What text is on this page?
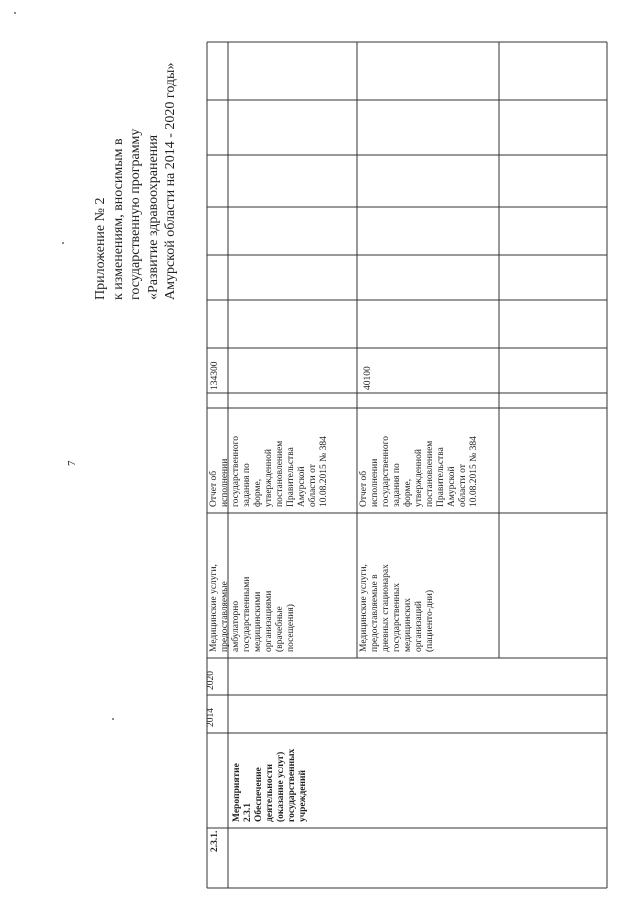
7
Приложение № 2 к изменениям, вносимым в государственную программу «Развитие здравоохранения Амурской области на 2014 - 2020 годы»
2.3.1.
Мероприятие 2.3.1 Обеспечение деятельности (оказание услуг) государственных учреждений
2014
2020
Медицинские услуги, предоставляемые амбулаторно государственными медицинскими организациями (врачебные посещения)
Отчет об исполнении государственного задания по форме, утвержденной постановлением Правительства Амурской области от 10.08.2015 № 384
134300
Медицинские услуги, предоставляемые в дневных стационарах государственных медицинских организаций (пациенто-дни)
Отчет об исполнении государственного задания по форме, утвержденной постановлением Правительства Амурской области от 10.08.2015 № 384
40100
